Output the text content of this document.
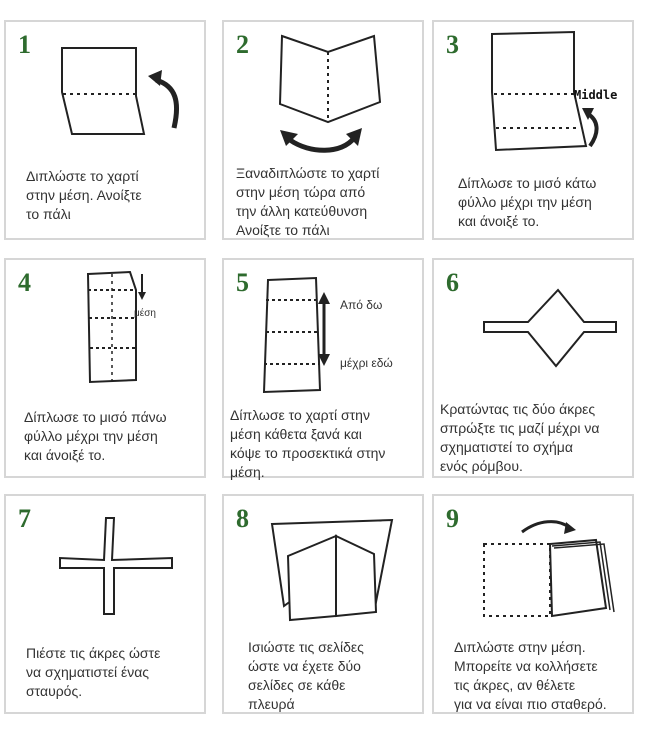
1
Διπλώστε το χαρτί
στην μέση. Ανοίξτε
το πάλι
2
Ξαναδιπλώστε το χαρτί
στην μέση τώρα από
την άλλη κατεύθυνση
Ανοίξτε το πάλι
3
Middle
Δίπλωσε το μισό κάτω
φύλλο μέχρι την μέση
και άνοιξέ το.
4
μέση
Δίπλωσε το μισό πάνω
φύλλο μέχρι την μέση
και άνοιξέ το.
5
Από δω
μέχρι εδώ
Δίπλωσε το χαρτί στην
μέση κάθετα ξανά και
κόψε το προσεκτικά στην
μέση.
6
Κρατώντας τις δύο άκρες
σπρώξτε τις μαζί μέχρι να
σχηματιστεί το σχήμα
ενός ρόμβου.
7
Πιέστε τις άκρες ώστε
να σχηματιστεί ένας
σταυρός.
8
Ισιώστε τις σελίδες
ώστε να έχετε δύο
σελίδες σε κάθε
πλευρά
9
Διπλώστε στην μέση.
Μπορείτε να κολλήσετε
τις άκρες, αν θέλετε
για να είναι πιο σταθερό.
